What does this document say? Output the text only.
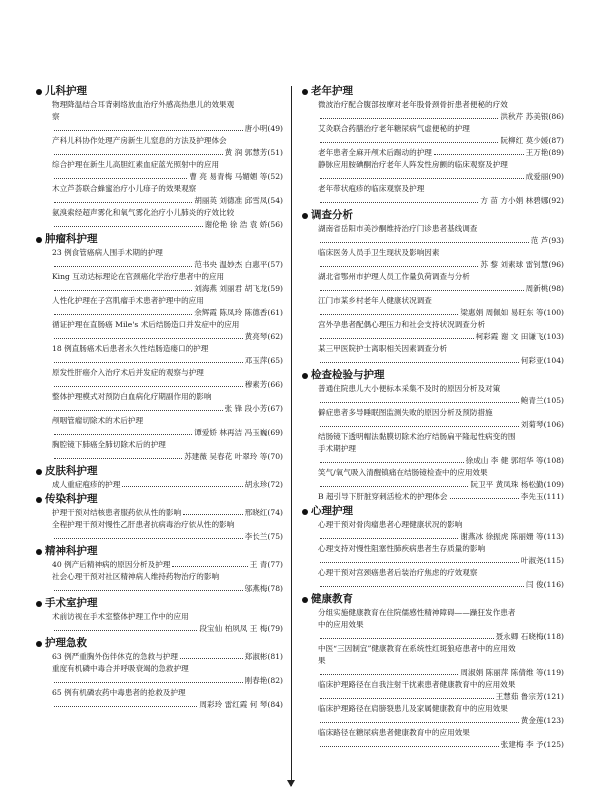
儿科护理
物理降温结合耳背刺络放血治疗外感高热患儿的效果观
察
唐小明(49)
产科儿科协作处理产房新生儿窒息的方法及护理体会
黄 润 郭慧芳(51)
综合护理在新生儿高胆红素血症蓝光照射中的应用
曹 亮 易青梅 马媚媚 等(52)
木立芦荟联合蜂蜜治疗小儿痱子的效果观察
胡丽英 刘德准 邱雪凤(54)
氨溴索经超声雾化和氧气雾化治疗小儿肺炎的疗效比较
谢伦艳 徐 浩 袁 娇(56)
肿瘤科护理
23 例食管癌病人围手术期的护理
范书央 温妙杰 白惠平(57)
King 互动达标理论在官颈癌化学治疗患者中的应用
刘海燕 刘丽君 胡飞龙(59)
人性化护理在子宫肌瘤手术患者护理中的应用
余辉霞 陈凤玲 陈德香(61)
循证护理在直肠癌 Mile's 术后结肠造口并发症中的应用
黄亮琴(62)
18 例直肠癌术后患者永久性结肠造瘘口的护理
邓玉萍(65)
原发性肝癌介入治疗术后并发症的观察与护理
穆素芳(66)
整体护理模式对预防白血病化疗期副作用的影响
张 锋 段小芳(67)
颅咽管瘤切除术的术后护理
谭爱娇 林再洁 冯玉巍(69)
胸腔镜下肺癌全肺切除术后的护理
苏建薇 吴春花 叶翠玲 等(70)
皮肤科护理
成人重症疱疹的护理	胡永珍(72)
传染科护理
护理干预对结核患者服药依从性的影响	邢晓红(74)
全程护理干预对慢性乙肝患者抗病毒治疗依从性的影响
李长兰(75)
精神科护理
40 例产后精神病的原因分析及护理	王 青(77)
社会心理干预对社区精神病人维持药物治疗的影响
邬燕梅(78)
手术室护理
术前访视在手术室整体护理工作中的应用
段宝仙 柏夙凤 王 梅(79)
护理急救
63 例严重胸外伤伴休克的急救与护理	郑淑彬(81)
重度有机磷中毒合并呼吸衰竭的急救护理
刚春艳(82)
65 例有机磷农药中毒患者的抢救及护理
周彩玲 雷红霞 何 琴(84)
老年护理
微波治疗配合腹部按摩对老年股骨颈骨折患者便秘的疗效
洪秋芹 苏美银(86)
艾灸联合药膳治疗老年糖尿病气虚便秘的护理
阮柳红 莫少媛(87)
老年患者全麻开颅术后踢动的护理	王万艳(89)
静脉应用胺碘酮治疗老年人阵发性房颤的临床观察及护理
成爱丽(90)
老年带状疱疹的临床观察及护理
方 苗 方小娟 林碧娜(92)
调查分析
湖南省岳阳市美沙酮维持治疗门诊患者基线调查
范 芦(93)
临床医务人员手卫生现状及影响因素
苏 黎 刘素球 雷钊慧(96)
湖北省鄂州市护理人员工作量负荷调查与分析
周新桃(98)
江门市某乡村老年人健康状况调查
梁惠娟 周佩如 易旺东 等(100)
宫外孕患者配偶心理压力和社会支持状况调查分析
柯彩霞 谢 文 田谦飞(103)
某三甲医院护士离职相关因素调查分析
何彩亚(104)
检查检验与护理
普通住院患儿大小便标本采集不及时的原因分析及对策
鲍青兰(105)
僻症患者多导睡眠图监测失败的原因分析及预防措施
刘菊琴(106)
结肠镜下透明帽法黏膜切除术治疗结肠扁平隆起性病变的围
手术期护理
徐成山 李 健 郭绍华 等(108)
笑气/氧气吸入清醒镇痛在结肠镜检查中的应用效果
阮卫平 黄凤珠 杨松勤(109)
B 超引导下肝脏穿刺活检术的护理体会	李先玉(111)
心理护理
心理干预对骨肉瘤患者心理健康状况的影响
谢燕冰 徐振虎 陈丽姗 等(113)
心理支持对慢性阻塞性肺疾病患者生存质量的影响
叶淑尧(115)
心理干预对宫颈癌患者后装治疗焦虑的疗效观察
闫 俊(116)
健康教育
分组实施健康教育在住院儒感性精神障碍——躁狂发作患者
中的应用效果
聂永卿 石晓梅(118)
中医“三因制宜”健康教育在系统性红斑狼疮患者中的应用效
果
周淑娟 陈丽萍 陈倩维 等(119)
临床护理路径在自我注射干扰素患者健康教育中的应用效果
王慧茹 鲁宗芳(121)
临床护理路径在肩膀裂患儿及家属健康教育中的应用效果
黄金莲(123)
临床路径在糖尿病患者健康教育中的应用效果
张建梅 李 予(125)
